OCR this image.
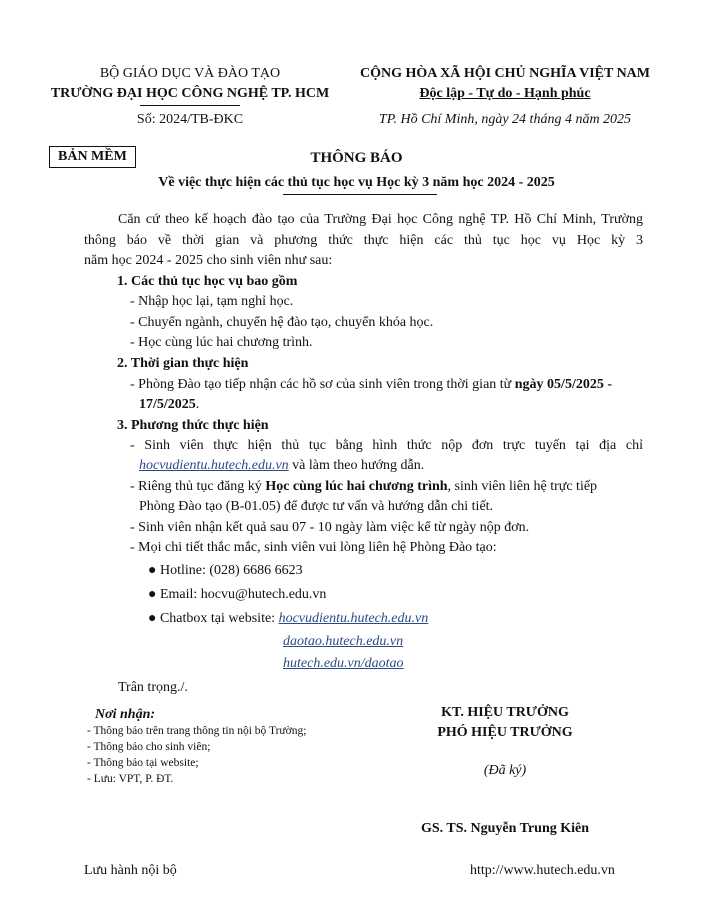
BỘ GIÁO DỤC VÀ ĐÀO TẠO
TRƯỜNG ĐẠI HỌC CÔNG NGHỆ TP. HCM
Số: 2024/TB-ĐKC
CỘNG HÒA XÃ HỘI CHỦ NGHĨA VIỆT NAM
Độc lập - Tự do - Hạnh phúc
TP. Hồ Chí Minh, ngày 24 tháng 4 năm 2025
BẢN MỀM	THÔNG BÁO
Về việc thực hiện các thủ tục học vụ Học kỳ 3 năm học 2024 - 2025
Căn cứ theo kế hoạch đào tạo của Trường Đại học Công nghệ TP. Hồ Chí Minh, Trường
thông báo về thời gian và phương thức thực hiện các thủ tục học vụ Học kỳ 3
năm học 2024 - 2025 cho sinh viên như sau:
1. Các thủ tục học vụ bao gồm
- Nhập học lại, tạm nghỉ học.
- Chuyển ngành, chuyển hệ đào tạo, chuyển khóa học.
- Học cùng lúc hai chương trình.
2. Thời gian thực hiện
- Phòng Đào tạo tiếp nhận các hồ sơ của sinh viên trong thời gian từ ngày 05/5/2025 -
17/5/2025.
3. Phương thức thực hiện
- Sinh viên thực hiện thủ tục bằng hình thức nộp đơn trực tuyến tại địa chỉ
hocvudientu.hutech.edu.vn và làm theo hướng dẫn.
- Riêng thủ tục đăng ký Học cùng lúc hai chương trình, sinh viên liên hệ trực tiếp
Phòng Đào tạo (B-01.05) để được tư vấn và hướng dẫn chi tiết.
- Sinh viên nhận kết quả sau 07 - 10 ngày làm việc kể từ ngày nộp đơn.
- Mọi chi tiết thắc mắc, sinh viên vui lòng liên hệ Phòng Đào tạo:
● Hotline: (028) 6686 6623
● Email: hocvu@hutech.edu.vn
● Chatbox tại website: hocvudientu.hutech.edu.vn
daotao.hutech.edu.vn
hutech.edu.vn/daotao
Trân trọng./.
Nơi nhận:
- Thông báo trên trang thông tin nội bộ Trường;
- Thông báo cho sinh viên;
- Thông báo tại website;
- Lưu: VPT, P. ĐT.
KT. HIỆU TRƯỞNG
PHÓ HIỆU TRƯỞNG
(Đã ký)
GS. TS. Nguyễn Trung Kiên
Lưu hành nội bộ	http://www.hutech.edu.vn
